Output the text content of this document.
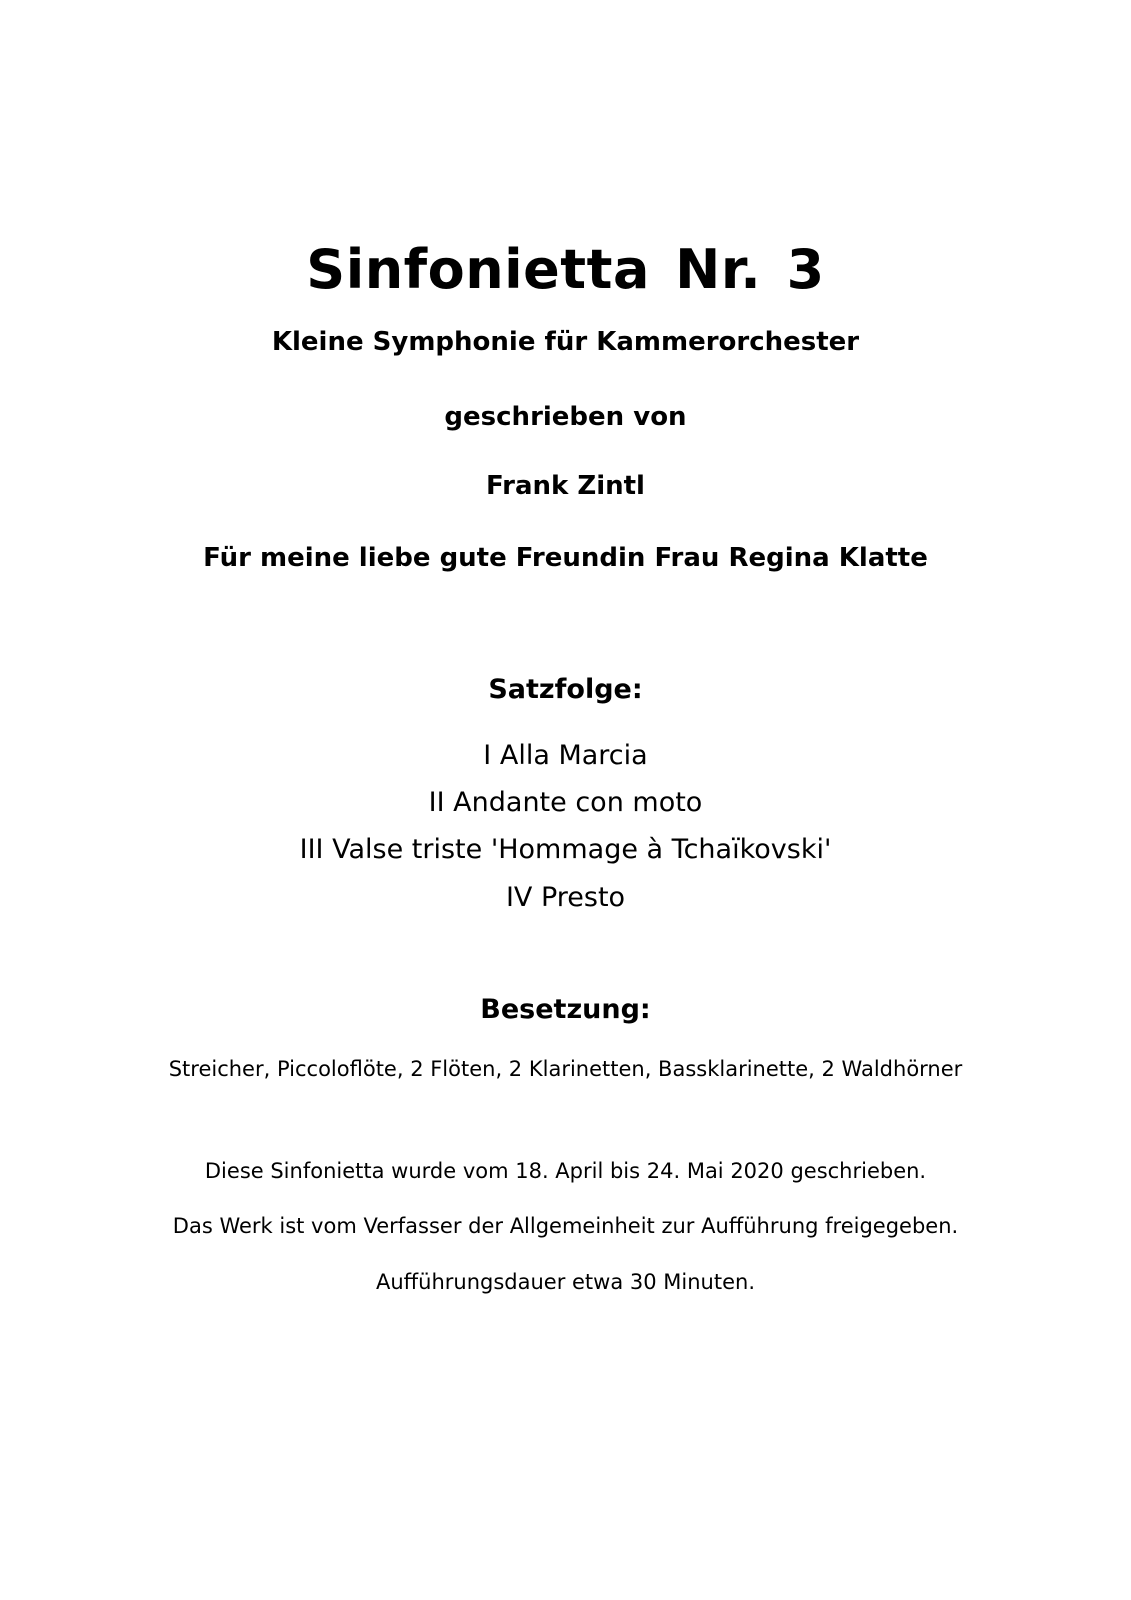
Sinfonietta Nr. 3

Kleine Symphonie für Kammerorchester

geschrieben von

Frank Zintl

Für meine liebe gute Freundin Frau Regina Klatte

Satzfolge:

I Alla Marcia

II Andante con moto

III Valse triste 'Hommage à Tchaïkovski'

IV Presto

Besetzung:

Streicher, Piccoloflöte, 2 Flöten, 2 Klarinetten, Bassklarinette, 2 Waldhörner

Diese Sinfonietta wurde vom 18. April bis 24. Mai 2020 geschrieben.

Das Werk ist vom Verfasser der Allgemeinheit zur Aufführung freigegeben.

Aufführungsdauer etwa 30 Minuten.
